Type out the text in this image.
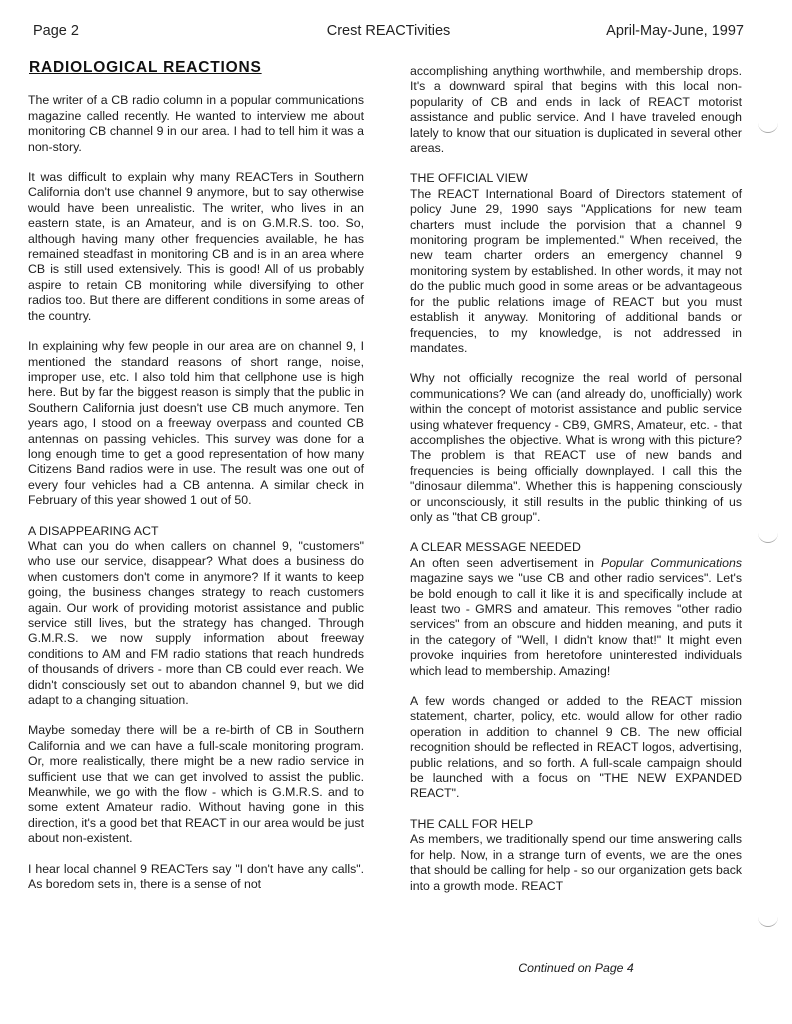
Page 2	Crest REACTivities	April-May-June, 1997
RADIOLOGICAL REACTIONS

The writer of a CB radio column in a popular communications magazine called recently. He wanted to interview me about monitoring CB channel 9 in our area. I had to tell him it was a non-story.

It was difficult to explain why many REACTers in Southern California don't use channel 9 anymore, but to say otherwise would have been unrealistic. The writer, who lives in an eastern state, is an Amateur, and is on G.M.R.S. too. So, although having many other frequencies available, he has remained steadfast in monitoring CB and is in an area where CB is still used extensively. This is good! All of us probably aspire to retain CB monitoring while diversifying to other radios too. But there are different conditions in some areas of the country.

In explaining why few people in our area are on channel 9, I mentioned the standard reasons of short range, noise, improper use, etc. I also told him that cellphone use is high here. But by far the biggest reason is simply that the public in Southern California just doesn't use CB much anymore. Ten years ago, I stood on a freeway overpass and counted CB antennas on passing vehicles. This survey was done for a long enough time to get a good representation of how many Citizens Band radios were in use. The result was one out of every four vehicles had a CB antenna. A similar check in February of this year showed 1 out of 50.

A DISAPPEARING ACT

What can you do when callers on channel 9, "customers" who use our service, disappear? What does a business do when customers don't come in anymore? If it wants to keep going, the business changes strategy to reach customers again. Our work of providing motorist assistance and public service still lives, but the strategy has changed. Through G.M.R.S. we now supply information about freeway conditions to AM and FM radio stations that reach hundreds of thousands of drivers - more than CB could ever reach. We didn't consciously set out to abandon channel 9, but we did adapt to a changing situation.

Maybe someday there will be a re-birth of CB in Southern California and we can have a full-scale monitoring program. Or, more realistically, there might be a new radio service in sufficient use that we can get involved to assist the public. Meanwhile, we go with the flow - which is G.M.R.S. and to some extent Amateur radio. Without having gone in this direction, it's a good bet that REACT in our area would be just about non-existent.

I hear local channel 9 REACTers say "I don't have any calls". As boredom sets in, there is a sense of not

accomplishing anything worthwhile, and membership drops. It's a downward spiral that begins with this local non-popularity of CB and ends in lack of REACT motorist assistance and public service. And I have traveled enough lately to know that our situation is duplicated in several other areas.

THE OFFICIAL VIEW

The REACT International Board of Directors statement of policy June 29, 1990 says "Applications for new team charters must include the porvision that a channel 9 monitoring program be implemented." When received, the new team charter orders an emergency channel 9 monitoring system by established. In other words, it may not do the public much good in some areas or be advantageous for the public relations image of REACT but you must establish it anyway. Monitoring of additional bands or frequencies, to my knowledge, is not addressed in mandates.

Why not officially recognize the real world of personal communications? We can (and already do, unofficially) work within the concept of motorist assistance and public service using whatever frequency - CB9, GMRS, Amateur, etc. - that accomplishes the objective. What is wrong with this picture? The problem is that REACT use of new bands and frequencies is being officially downplayed. I call this the "dinosaur dilemma". Whether this is happening consciously or unconsciously, it still results in the public thinking of us only as "that CB group".

A CLEAR MESSAGE NEEDED

An often seen advertisement in Popular Communications magazine says we "use CB and other radio services". Let's be bold enough to call it like it is and specifically include at least two - GMRS and amateur. This removes "other radio services" from an obscure and hidden meaning, and puts it in the category of "Well, I didn't know that!" It might even provoke inquiries from heretofore uninterested individuals which lead to membership. Amazing!

A few words changed or added to the REACT mission statement, charter, policy, etc. would allow for other radio operation in addition to channel 9 CB. The new official recognition should be reflected in REACT logos, advertising, public relations, and so forth. A full-scale campaign should be launched with a focus on "THE NEW EXPANDED REACT".

THE CALL FOR HELP

As members, we traditionally spend our time answering calls for help. Now, in a strange turn of events, we are the ones that should be calling for help - so our organization gets back into a growth mode. REACT

Continued on Page 4
